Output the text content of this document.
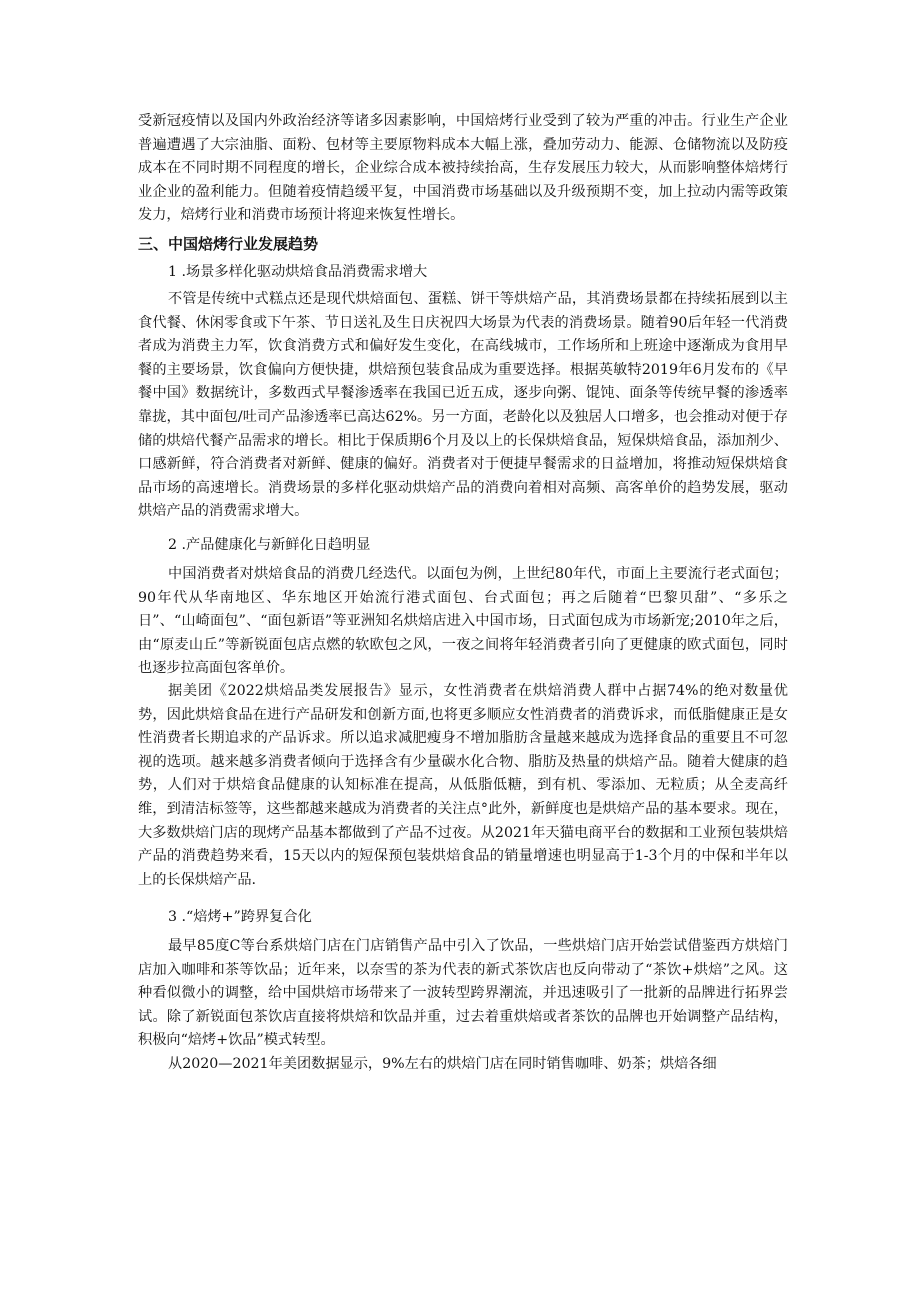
受新冠疫情以及国内外政治经济等诸多因素影响，中国焙烤行业受到了较为严重的冲击。行业生产企业普遍遭遇了大宗油脂、面粉、包材等主要原物料成本大幅上涨，叠加劳动力、能源、仓储物流以及防疫成本在不同时期不同程度的增长，企业综合成本被持续抬高，生存发展压力较大，从而影响整体焙烤行业企业的盈利能力。但随着疫情趋缓平复，中国消费市场基础以及升级预期不变，加上拉动内需等政策发力，焙烤行业和消费市场预计将迎来恢复性增长。
三、中国焙烤行业发展趋势
1 .场景多样化驱动烘焙食品消费需求增大
不管是传统中式糕点还是现代烘焙面包、蛋糕、饼干等烘焙产品，其消费场景都在持续拓展到以主食代餐、休闲零食或下午茶、节日送礼及生日庆祝四大场景为代表的消费场景。随着90后年轻一代消费者成为消费主力军，饮食消费方式和偏好发生变化，在高线城市，工作场所和上班途中逐渐成为食用早餐的主要场景，饮食偏向方便快捷，烘焙预包装食品成为重要选择。根据英敏特2019年6月发布的《早餐中国》数据统计，多数西式早餐渗透率在我国已近五成，逐步向粥、馄饨、面条等传统早餐的渗透率靠拢，其中面包/吐司产品渗透率已高达62%。另一方面，老龄化以及独居人口增多，也会推动对便于存储的烘焙代餐产品需求的增长。相比于保质期6个月及以上的长保烘焙食品，短保烘焙食品，添加剂少、口感新鲜，符合消费者对新鲜、健康的偏好。消费者对于便捷早餐需求的日益增加，将推动短保烘焙食品市场的高速增长。消费场景的多样化驱动烘焙产品的消费向着相对高频、高客单价的趋势发展，驱动烘焙产品的消费需求增大。
2 .产品健康化与新鲜化日趋明显
中国消费者对烘焙食品的消费几经迭代。以面包为例，上世纪80年代，市面上主要流行老式面包；90年代从华南地区、华东地区开始流行港式面包、台式面包；再之后随着“巴黎贝甜”、“多乐之日”、“山崎面包”、“面包新语”等亚洲知名烘焙店进入中国市场，日式面包成为市场新宠;2010年之后，由“原麦山丘”等新锐面包店点燃的软欧包之风，一夜之间将年轻消费者引向了更健康的欧式面包，同时也逐步拉高面包客单价。
据美团《2022烘焙品类发展报告》显示，女性消费者在烘焙消费人群中占据74%的绝对数量优势，因此烘焙食品在进行产品研发和创新方面,也将更多顺应女性消费者的消费诉求，而低脂健康正是女性消费者长期追求的产品诉求。所以追求减肥瘦身不增加脂肪含量越来越成为选择食品的重要且不可忽视的选项。越来越多消费者倾向于选择含有少量碳水化合物、脂肪及热量的烘焙产品。随着大健康的趋势，人们对于烘焙食品健康的认知标准在提高，从低脂低糖，到有机、零添加、无粒质；从全麦高纤维，到清洁标签等，这些都越来越成为消费者的关注点°此外，新鲜度也是烘焙产品的基本要求。现在，大多数烘焙门店的现烤产品基本都做到了产品不过夜。从2021年天猫电商平台的数据和工业预包装烘焙产品的消费趋势来看，15天以内的短保预包装烘焙食品的销量增速也明显高于1-3个月的中保和半年以上的长保烘焙产品.
3 .“焙烤+”跨界复合化
最早85度C等台系烘焙门店在门店销售产品中引入了饮品，一些烘焙门店开始尝试借鉴西方烘焙门店加入咖啡和茶等饮品；近年来，以奈雪的茶为代表的新式茶饮店也反向带动了“茶饮+烘焙”之风。这种看似微小的调整，给中国烘焙市场带来了一波转型跨界潮流，并迅速吸引了一批新的品牌进行拓界尝试。除了新锐面包茶饮店直接将烘焙和饮品并重，过去着重烘焙或者茶饮的品牌也开始调整产品结构，积极向“焙烤+饮品”模式转型。
从2020—2021年美团数据显示，9%左右的烘焙门店在同时销售咖啡、奶茶；烘焙各细
